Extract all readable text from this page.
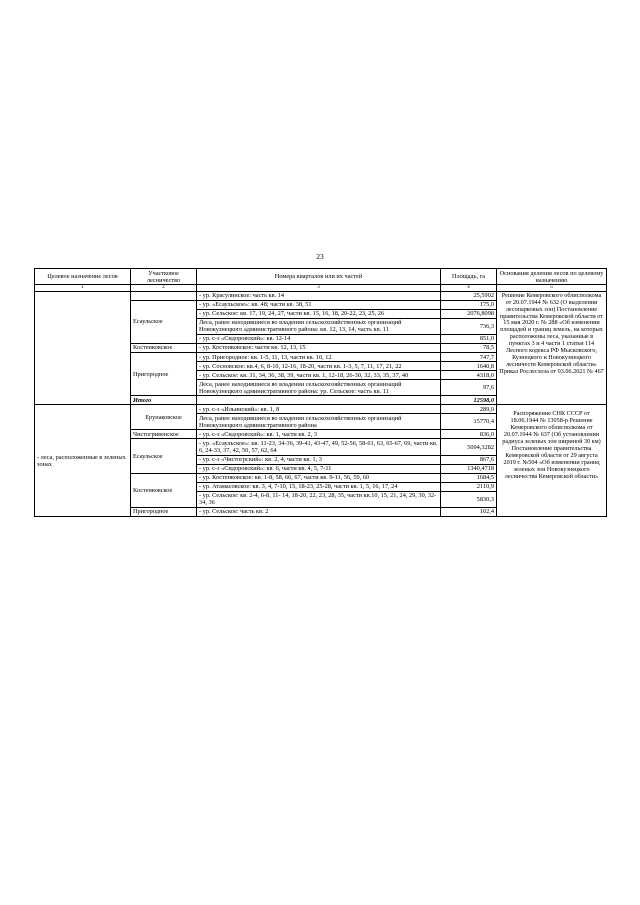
23
Целевое назначение лесов	Участковое лесничество	Номера кварталов или их частей	Площадь, га	Основания деления лесов по целевому назначению
1	2	3	4	5
		- ур. Красулинское: часть кв. 14	25,5902	Решение Кемеровского облисполкома от 20.07.1944 № 632 (О выделении лесопарковых зон) Постановление правительства Кемеровской области от 15 мая 2020 г. № 288 «Об изменении площадей и границ земель, на которых расположены леса, указанные в пунктах 3 и 4 части 1 статьи 114 Лесного кодекса РФ Мысковского, Кузнецкого и Новокузнецкого лесничеств Кемеровской области» Приказ Рослесхоза от 03.06.2021 № 467
	Есаульское	- ур. «Есаульское»: кв. 48; части кв. 38, 51	175,0	
		- ур. Сельское: кв. 17, 19, 24, 27, части кв. 15, 16, 18, 20-22, 23, 25, 26	2076,8098	
		Леса, ранее находившиеся во владении сельскохозяйственных организаций Новокузнецкого административного района: кв. 12, 13, 14, часть кв. 11	736,3	
		- ур. с-з «Сидоровский»: кв. 12-14	851,0	
	Костенковское	- ур. Костенковское: части кв. 12, 13, 15	78,5	
	Пригородное	- ур. Пригородное: кв. 1-5, 11, 13, части кв. 10, 12	747,7	
		- ур. Сосновское: кв.4, 6, 8-10, 12-16, 18-20, части кв. 1-3, 5, 7, 11, 17, 21, 22	1640,8	
		- ур. Сельское: кв. 31, 34, 36, 38, 39, части кв. 1, 12-18, 26-30, 32, 33, 35, 37, 40	4318,0	
		Леса, ранее находившиеся во владении сельскохозяйственных организаций Новокузнецкого административного района: ур. Сельское: часть кв. 11	97,6	
	Итого		12598,0	
- леса, расположенные в зеленых зонах	Ерунаковское	- ур. с-з «Ильинский»: кв. 1, 8	289,0	Распоряжение СНК СССР от 18.06.1944 № 13058-р Решение Кемеровского облисполкома от 20.07.1944 № 637 (Об установлении радиуса зеленых зон шириной 30 км) Постановление правительства Кемеровской области от 29 августа 2019 г. №504 «Об изменении границ зеленых зон Новокузнецкого лесничества Кемеровской области»
		Леса, ранее находившиеся во владении сельскохозяйственных организаций Новокузнецкого административного района	15770,4	
	Чистогривенское	- ур. с-з «Сидоровский»: кв. 1, части кв. 2, 3	836,0	
	Есаульское	- ур. «Есаульское»: кв. 11-23, 34-36, 39-41, 43-47, 49, 52-56, 58-61, 63, 65-67, 69, части кв. 6, 24-33, 37, 42, 50, 57, 62, 64	5094,3282	
		- ур. с-з «Чистогрский»: кв. 2, 4, части кв. 1, 3	867,6	
		- ур. с-з «Сидоровский»: кв. 6, части кв. 4, 5, 7-11	1340,4718	
	Костенковское	- ур. Костенковское: кв. 1-8, 58, 66, 67, части кв. 9-11, 56, 59, 60	1684,5	
		- ур. Атамасовское: кв. 3, 4, 7-10, 15, 18-23, 25-28, части кв. 1, 5, 16, 17, 24	2110,9	
		- ур. Сельское: кв. 2-4, 6-8, 11- 14, 18-20, 22, 23, 28, 35, части кв.10, 15, 21, 24, 29, 30, 32-34, 36	5830,3	
	Пригородное	- ур. Сельское: часть кв. 2	102,4	
